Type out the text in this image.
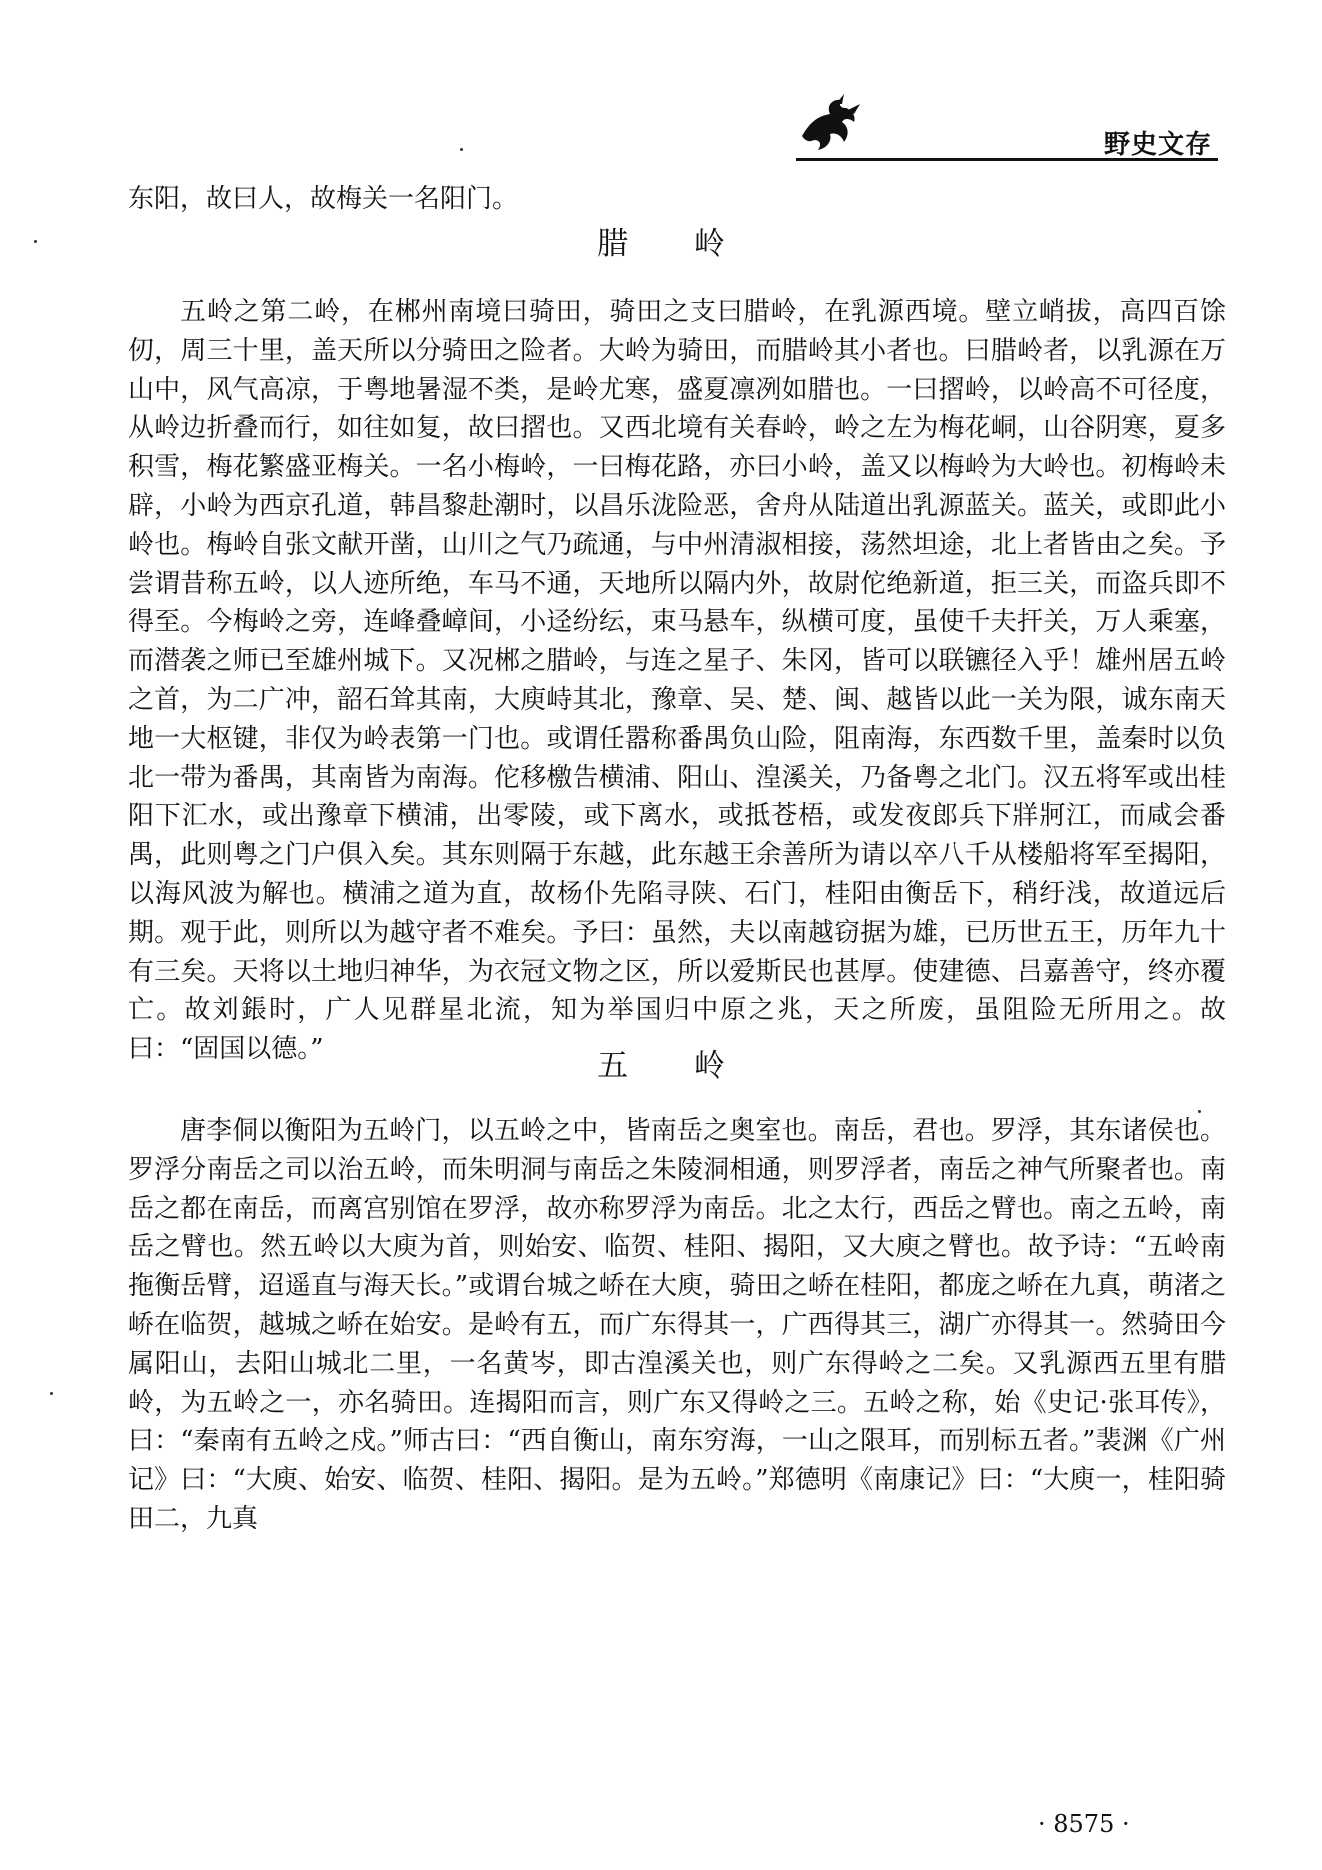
野史文存
东阳，故曰人，故梅关一名阳门。
腊 岭

五岭之第二岭，在郴州南境曰骑田，骑田之支曰腊岭，在乳源西境。壁立峭拔，高四百馀仞，周三十里，盖天所以分骑田之险者。大岭为骑田，而腊岭其小者也。曰腊岭者，以乳源在万山中，风气高凉，于粤地暑湿不类，是岭尤寒，盛夏凛冽如腊也。一曰摺岭，以岭高不可径度，从岭边折叠而行，如往如复，故曰摺也。又西北境有关春岭，岭之左为梅花峒，山谷阴寒，夏多积雪，梅花繁盛亚梅关。一名小梅岭，一曰梅花路，亦曰小岭，盖又以梅岭为大岭也。初梅岭未辟，小岭为西京孔道，韩昌黎赴潮时，以昌乐泷险恶，舍舟从陆道出乳源蓝关。蓝关，或即此小岭也。梅岭自张文献开凿，山川之气乃疏通，与中州清淑相接，荡然坦途，北上者皆由之矣。予尝谓昔称五岭，以人迹所绝，车马不通，天地所以隔内外，故尉佗绝新道，拒三关，而盗兵即不得至。今梅岭之旁，连峰叠嶂间，小迳纷纭，束马悬车，纵横可度，虽使千夫扞关，万人乘塞，而潜袭之师已至雄州城下。又况郴之腊岭，与连之星子、朱冈，皆可以联镳径入乎！雄州居五岭之首，为二广冲，韶石耸其南，大庾峙其北，豫章、吴、楚、闽、越皆以此一关为限，诚东南天地一大枢键，非仅为岭表第一门也。或谓任嚣称番禺负山险，阻南海，东西数千里，盖秦时以负北一带为番禺，其南皆为南海。佗移檄告横浦、阳山、湟溪关，乃备粤之北门。汉五将军或出桂阳下汇水，或出豫章下横浦，出零陵，或下离水，或抵苍梧，或发夜郎兵下牂牁江，而咸会番禺，此则粤之门户俱入矣。其东则隔于东越，此东越王余善所为请以卒八千从楼船将军至揭阳，以海风波为解也。横浦之道为直，故杨仆先陷寻陕、石门，桂阳由衡岳下，稍纡浅，故道远后期。观于此，则所以为越守者不难矣。予曰：虽然，夫以南越窃据为雄，已历世五王，历年九十有三矣。天将以土地归神华，为衣冠文物之区，所以爱斯民也甚厚。使建德、吕嘉善守，终亦覆亡。故刘鋹时，广人见群星北流，知为举国归中原之兆，天之所废，虽阻险无所用之。故曰：“固国以德。”	五 岭

唐李侗以衡阳为五岭门，以五岭之中，皆南岳之奥室也。南岳，君也。罗浮，其东诸侯也。罗浮分南岳之司以治五岭，而朱明洞与南岳之朱陵洞相通，则罗浮者，南岳之神气所聚者也。南岳之都在南岳，而离宫别馆在罗浮，故亦称罗浮为南岳。北之太行，西岳之臂也。南之五岭，南岳之臂也。然五岭以大庾为首，则始安、临贺、桂阳、揭阳，又大庾之臂也。故予诗：“五岭南拖衡岳臂，迢遥直与海天长。”或谓台城之峤在大庾，骑田之峤在桂阳，都庞之峤在九真，萌渚之峤在临贺，越城之峤在始安。是岭有五，而广东得其一，广西得其三，湖广亦得其一。然骑田今属阳山，去阳山城北二里，一名黄岑，即古湟溪关也，则广东得岭之二矣。又乳源西五里有腊岭，为五岭之一，亦名骑田。连揭阳而言，则广东又得岭之三。五岭之称，始《史记·张耳传》，曰：“秦南有五岭之戍。”师古曰：“西自衡山，南东穷海，一山之限耳，而别标五者。”裴渊《广州记》曰：“大庾、始安、临贺、桂阳、揭阳。是为五岭。”郑德明《南康记》曰：“大庾一，桂阳骑田二，九真

· 8575 ·
